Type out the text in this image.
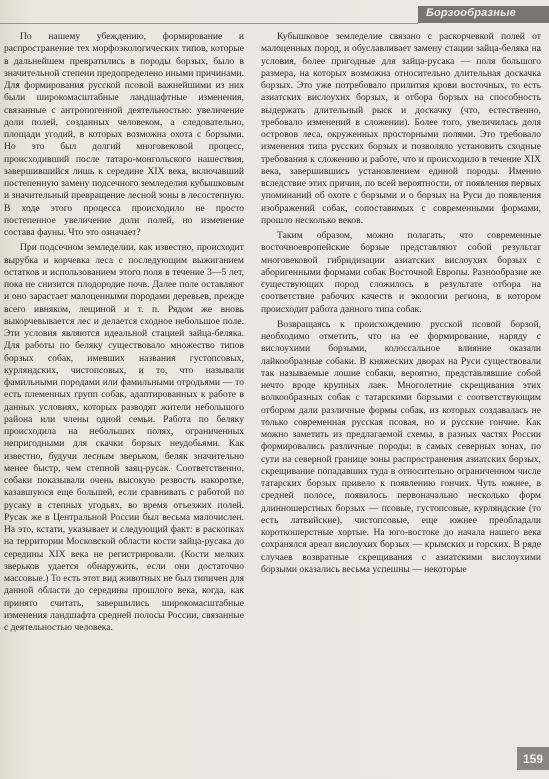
Борзообразные

По нашему убеждению, формирование и распространение тех морфоэкологических типов, которые в дальнейшем превратились в породы борзых, было в значительной степени предопределено иными причинами. Для формирования русской псовой важнейшими из них были широкомасштабные ландшафтные изменения, связанные с антропогенной деятельностью: увеличение доли полей, созданных человеком, а следовательно, площади угодий, в которых возможна охота с борзыми. Но это был долгий многовековой процесс, происходивший после татаро-монгольского нашествия, завершившийся лишь к середине XIX века, включавший постепенную замену подсечного земледелия кубышковым и значительный превращение лесной зоны в лесостепную. В ходе этого процесса происходило не просто постепенное увеличение доли полей, но изменение состава фауны. Что это означает?

При подсечном земледелии, как известно, происходит вырубка и корчевка леса с последующим выжиганием остатков и использованием этого поля в течение 3—5 лет, пока не снизится плодородие почв. Далее поле оставляют и оно зарастает малоценными породами деревьев, прежде всего ивняком, лещиной и т. п. Рядом же вновь выкорчевывается лес и делается сходное небольшое поле. Эти условия являются идеальной стацией зайца-беляка. Для работы по беляку существовало множество типов борзых собак, имевших названия густопсовых, курляндских, чистопсовых, и то, что называли фамильными породами или фамильными отродьями — то есть племенных групп собак, адаптированных к работе в данных условиях, которых разводят жители небольшого района или члены одной семьи. Работа по беляку происходила на небольших полях, ограниченных непригодными для скачки борзых неудобьями. Как известно, будучи лесным зверьком, беляк значительно менее быстр, чем степной заяц-русак. Соответственно, собаки показывали очень высокую резвость накоротке, казавшуюся еще большей, если сравнивать с работой по русаку в степных угодьях, во время отъезжих полей. Русак же в Центральной России был весьма малочислен. На это, кстати, указывает и следующий факт: в раскопках на территории Московской области кости зайца-русака до середины XIX века не регистрировали. (Кости мелких зверьков удается обнаружить, если они достаточно массовые.) То есть этот вид животных не был типичен для данной области до середины прошлого века, когда, как принято считать, завершились широкомасштабные изменения ландшафта средней полосы России, связанные с деятельностью человека.

Кубышковое земледелие связано с раскорчевкой полей от малоценных пород, и обуславливает замену стации зайца-беляка на условия, более пригодные для зайца-русака — поля большого размера, на которых возможна относительно длительная доскачка борзых. Это уже потребовало прилития крови восточных, то есть азиатских вислоухих борзых, и отбора борзых на способность выдержать длительный рыск и доскачку (что, естественно, требовало изменений в сложении). Более того, увеличилась доля островов леса, окруженных просторными полями. Это требовало изменения типа русских борзых и позволяло установить сходные требования к сложению и работе, что и происходило в течение XIX века, завершившись установлением единой породы. Именно вследствие этих причин, по всей вероятности, от появления первых упоминаний об охоте с борзыми и о борзых на Руси до появления изображений собак, сопоставимых с современными формами, прошло несколько веков.

Таким образом, можно полагать, что современные восточноевропейские борзые представляют собой результат многовековой гибридизации азиатских вислоухих борзых с аборигенными формами собак Восточной Европы. Разнообразие же существующих пород сложилось в результате отбора на соответствие рабочих качеств и экологии региона, в котором происходит работа данного типа собак.

Возвращаясь к происхождению русской псовой борзой, необходимо отметить, что на ее формирование, наряду с вислоухими борзыми, колоссальное влияние оказали лайкообразные собаки. В княжеских дворах на Руси существовали так называемые лошие собаки, вероятно, представлявшие собой нечто вроде крупных лаек. Многолетние скрещивания этих волкообразных собак с татарскими борзыми с соответствующим отбором дали различные формы собак, из которых создавалась не только современная русская псовая, но и русские гончие. Как можно заметить из предлагаемой схемы, в разных частях России формировались различные породы: в самых северных зонах, по сути на северной границе зоны распространения азиатских борзых, скрещивание попадавших туда в относительно ограниченном числе татарских борзых привело к появлению гончих. Чуть южнее, в средней полосе, появилось первоначально несколько форм длинношерстных борзых — псовые, густопсовые, курляндские (то есть латвийские), чистопсовые, еще южнее преобладали короткошерстные хортые. На юго-востоке до начала нашего века сохранялся ареал вислоухих борзых — крымских и горских. В ряде случаев возвратные скрещивания с азиатскими вислоухими борзыми оказались весьма успешны — некоторые

159
